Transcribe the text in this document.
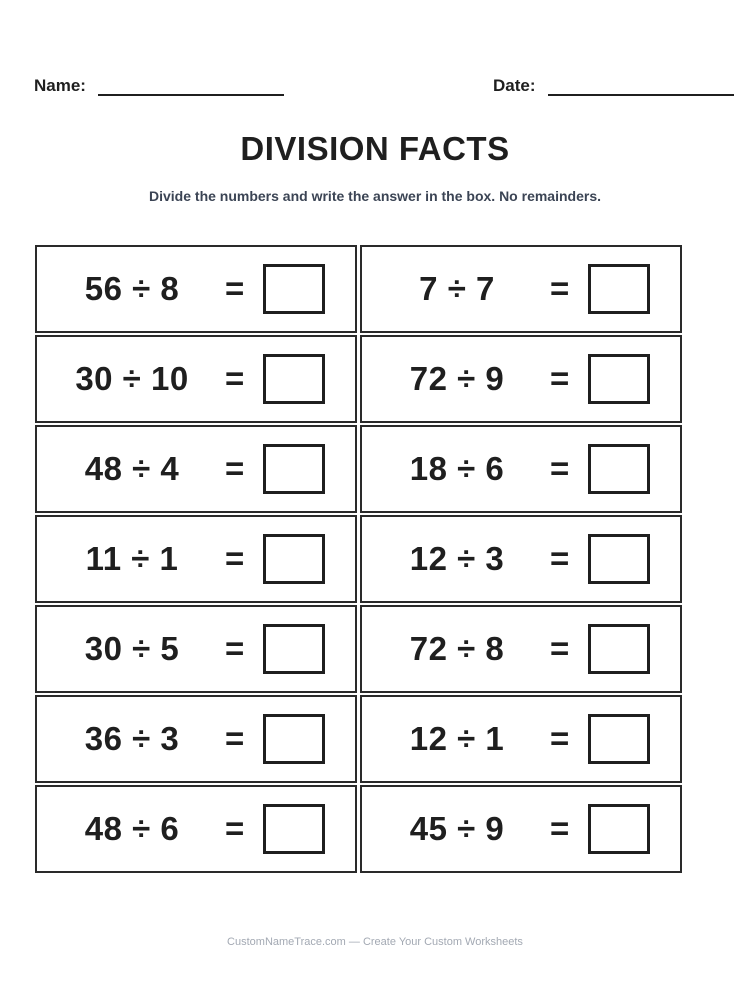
Name:	Date:
DIVISION FACTS
Divide the numbers and write the answer in the box. No remainders.
56 ÷ 8	=	7 ÷ 7	=
30 ÷ 10	=	72 ÷ 9	=
48 ÷ 4	=	18 ÷ 6	=
11 ÷ 1	=	12 ÷ 3	=
30 ÷ 5	=	72 ÷ 8	=
36 ÷ 3	=	12 ÷ 1	=
48 ÷ 6	=	45 ÷ 9	=
CustomNameTrace.com — Create Your Custom Worksheets
